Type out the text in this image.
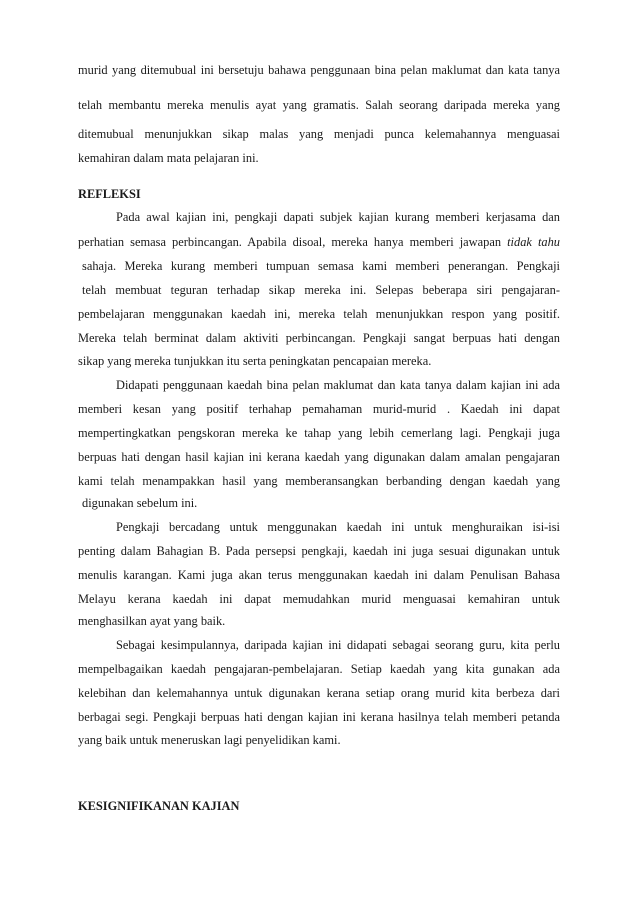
murid yang ditemubual ini bersetuju bahawa penggunaan bina pelan maklumat dan kata tanya
telah membantu mereka menulis ayat yang gramatis. Salah seorang daripada mereka yang
ditemubual menunjukkan sikap malas yang menjadi punca kelemahannya menguasai
kemahiran dalam mata pelajaran ini.
REFLEKSI
Pada awal kajian ini, pengkaji dapati subjek kajian kurang memberi kerjasama dan
perhatian semasa perbincangan. Apabila disoal, mereka hanya memberi jawapan tidak tahu
sahaja. Mereka kurang memberi tumpuan semasa kami memberi penerangan. Pengkaji
telah membuat teguran terhadap sikap mereka ini. Selepas beberapa siri pengajaran-
pembelajaran menggunakan kaedah ini, mereka telah menunjukkan respon yang positif.
Mereka telah berminat dalam aktiviti perbincangan. Pengkaji sangat berpuas hati dengan
sikap yang mereka tunjukkan itu serta peningkatan pencapaian mereka.
Didapati penggunaan kaedah bina pelan maklumat dan kata tanya dalam kajian ini ada
memberi kesan yang positif terhahap pemahaman murid-murid . Kaedah ini dapat
mempertingkatkan pengskoran mereka ke tahap yang lebih cemerlang lagi. Pengkaji juga
berpuas hati dengan hasil kajian ini kerana kaedah yang digunakan dalam amalan pengajaran
kami telah menampakkan hasil yang memberansangkan berbanding dengan kaedah yang
digunakan sebelum ini.
Pengkaji bercadang untuk menggunakan kaedah ini untuk menghuraikan isi-isi
penting dalam Bahagian B. Pada persepsi pengkaji, kaedah ini juga sesuai digunakan untuk
menulis karangan. Kami juga akan terus menggunakan kaedah ini dalam Penulisan Bahasa
Melayu kerana kaedah ini dapat memudahkan murid menguasai kemahiran untuk
menghasilkan ayat yang baik.
Sebagai kesimpulannya, daripada kajian ini didapati sebagai seorang guru, kita perlu
mempelbagaikan kaedah pengajaran-pembelajaran. Setiap kaedah yang kita gunakan ada
kelebihan dan kelemahannya untuk digunakan kerana setiap orang murid kita berbeza dari
berbagai segi. Pengkaji berpuas hati dengan kajian ini kerana hasilnya telah memberi petanda
yang baik untuk meneruskan lagi penyelidikan kami.
KESIGNIFIKANAN KAJIAN
